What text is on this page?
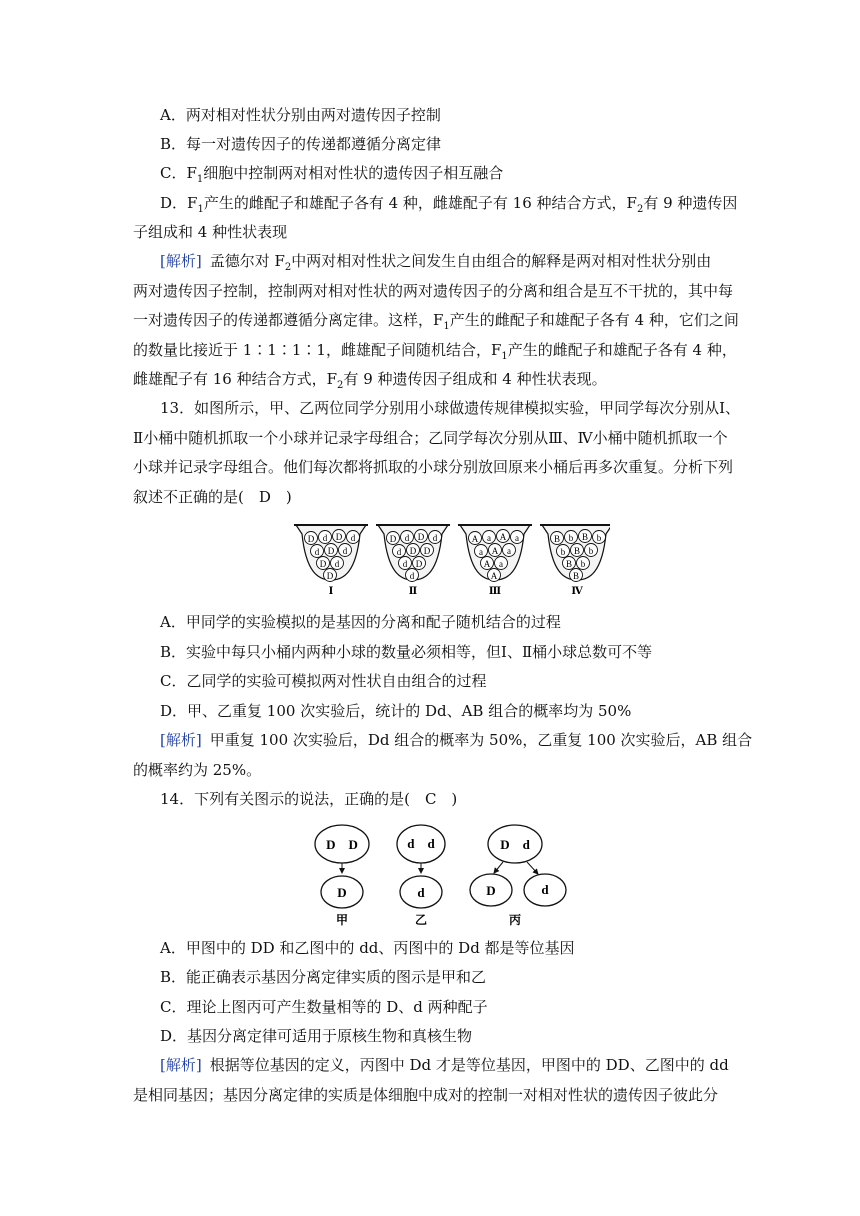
A．两对相对性状分别由两对遗传因子控制
B．每一对遗传因子的传递都遵循分离定律
C．$F_1$细胞中控制两对相对性状的遗传因子相互融合
D．$F_1$产生的雌配子和雄配子各有 4 种，雌雄配子有 16 种结合方式，$F_2$有 9 种遗传因
子组成和 4 种性状表现
[解析] 孟德尔对 $F_2$中两对相对性状之间发生自由组合的解释是两对相对性状分别由
两对遗传因子控制，控制两对相对性状的两对遗传因子的分离和组合是互不干扰的，其中每
一对遗传因子的传递都遵循分离定律。这样，$F_1$产生的雌配子和雄配子各有 4 种，它们之间
的数量比接近于 1∶1∶1∶1，雌雄配子间随机结合，$F_1$产生的雌配子和雄配子各有 4 种，
雌雄配子有 16 种结合方式，$F_2$有 9 种遗传因子组成和 4 种性状表现。
13．如图所示，甲、乙两位同学分别用小球做遗传规律模拟实验，甲同学每次分别从Ⅰ、
Ⅱ小桶中随机抓取一个小球并记录字母组合；乙同学每次分别从Ⅲ、Ⅳ小桶中随机抓取一个
小球并记录字母组合。他们每次都将抓取的小球分别放回原来小桶后再多次重复。分析下列
叙述不正确的是(　D　)
D d D d
d D d
D d
D
Ⅰ
D d D d
d D D
d D
d
Ⅱ
A a A a
a A a
A a
A
Ⅲ
B b B b
b B b
B b
B
Ⅳ
A．甲同学的实验模拟的是基因的分离和配子随机结合的过程
B．实验中每只小桶内两种小球的数量必须相等，但Ⅰ、Ⅱ桶小球总数可不等
C．乙同学的实验可模拟两对性状自由组合的过程
D．甲、乙重复 100 次实验后，统计的 Dd、AB 组合的概率均为 50%
[解析] 甲重复 100 次实验后，Dd 组合的概率为 50%，乙重复 100 次实验后，AB 组合
的概率约为 25%。
14．下列有关图示的说法，正确的是(　C　)
D　D
D
甲
d　d
d
乙
D　d
D	d
丙
A．甲图中的 DD 和乙图中的 dd、丙图中的 Dd 都是等位基因
B．能正确表示基因分离定律实质的图示是甲和乙
C．理论上图丙可产生数量相等的 D、d 两种配子
D．基因分离定律可适用于原核生物和真核生物
[解析] 根据等位基因的定义，丙图中 Dd 才是等位基因，甲图中的 DD、乙图中的 dd
是相同基因；基因分离定律的实质是体细胞中成对的控制一对相对性状的遗传因子彼此分
